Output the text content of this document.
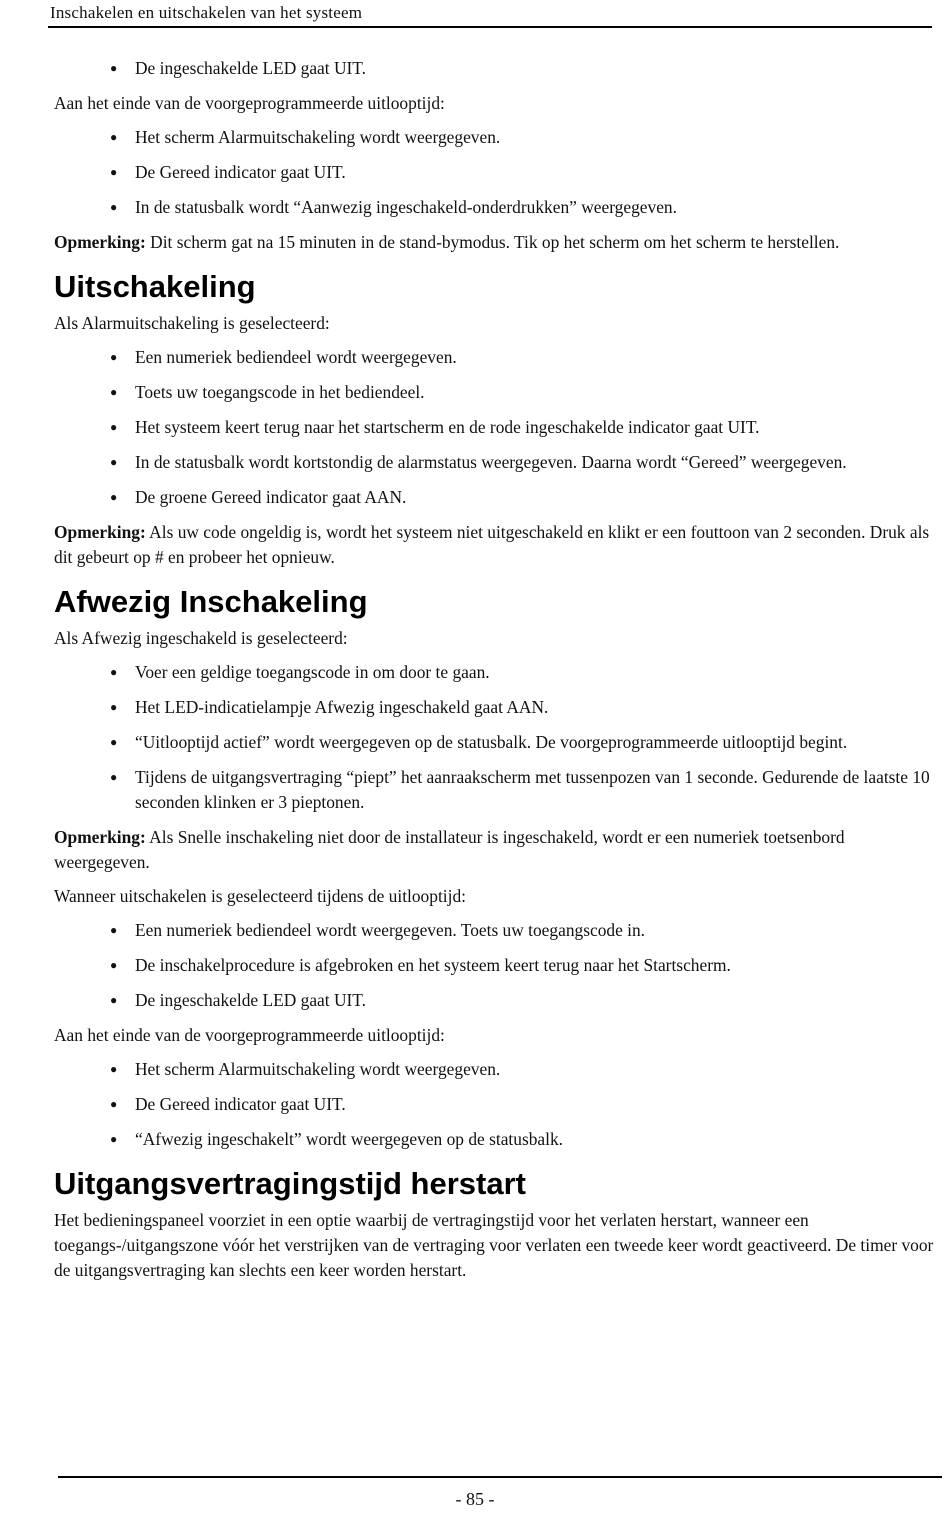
Inschakelen en uitschakelen van het systeem
● De ingeschakelde LED gaat UIT.

Aan het einde van de voorgeprogrammeerde uitlooptijd:

● Het scherm Alarmuitschakeling wordt weergegeven.
● De Gereed indicator gaat UIT.
● In de statusbalk wordt “Aanwezig ingeschakeld-onderdrukken” weergegeven.

Opmerking: Dit scherm gat na 15 minuten in de stand-bymodus. Tik op het scherm om het scherm te herstellen.

Uitschakeling

Als Alarmuitschakeling is geselecteerd:

● Een numeriek bediendeel wordt weergegeven.
● Toets uw toegangscode in het bediendeel.
● Het systeem keert terug naar het startscherm en de rode ingeschakelde indicator gaat UIT.
● In de statusbalk wordt kortstondig de alarmstatus weergegeven. Daarna wordt “Gereed” weergegeven.
● De groene Gereed indicator gaat AAN.

Opmerking: Als uw code ongeldig is, wordt het systeem niet uitgeschakeld en klikt er een fouttoon van 2 seconden. Druk als dit gebeurt op # en probeer het opnieuw.

Afwezig Inschakeling

Als Afwezig ingeschakeld is geselecteerd:

● Voer een geldige toegangscode in om door te gaan.
● Het LED-indicatielampje Afwezig ingeschakeld gaat AAN.
● “Uitlooptijd actief” wordt weergegeven op de statusbalk. De voorgeprogrammeerde uitlooptijd begint.
● Tijdens de uitgangsvertraging “piept” het aanraakscherm met tussenpozen van 1 seconde. Gedurende de laatste 10 seconden klinken er 3 pieptonen.

Opmerking: Als Snelle inschakeling niet door de installateur is ingeschakeld, wordt er een numeriek toetsenbord weergegeven.

Wanneer uitschakelen is geselecteerd tijdens de uitlooptijd:

● Een numeriek bediendeel wordt weergegeven. Toets uw toegangscode in.
● De inschakelprocedure is afgebroken en het systeem keert terug naar het Startscherm.
● De ingeschakelde LED gaat UIT.

Aan het einde van de voorgeprogrammeerde uitlooptijd:

● Het scherm Alarmuitschakeling wordt weergegeven.
● De Gereed indicator gaat UIT.
● “Afwezig ingeschakelt” wordt weergegeven op de statusbalk.
Uitgangsvertragingstijd herstart

Het bedieningspaneel voorziet in een optie waarbij de vertragingstijd voor het verlaten herstart, wanneer een toegangs-/uitgangszone vóór het verstrijken van de vertraging voor verlaten een tweede keer wordt geactiveerd. De timer voor de uitgangsvertraging kan slechts een keer worden herstart.

- 85 -
